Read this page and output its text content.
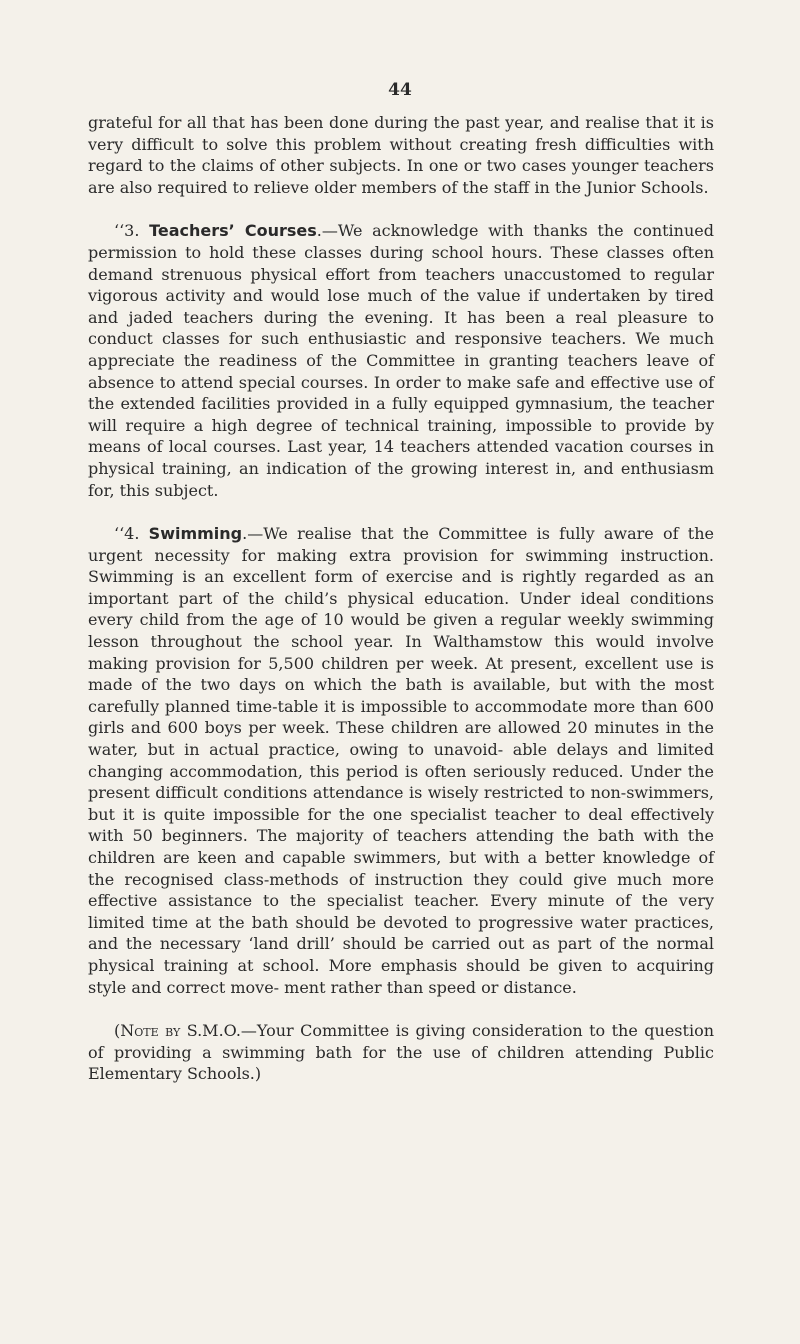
44

grateful for all that has been done during the past year, and realise that it is very difficult to solve this problem without creating fresh difficulties with regard to the claims of other subjects. In one or two cases younger teachers are also required to relieve older members of the staff in the Junior Schools.

‘‘3. Teachers’ Courses.—We acknowledge with thanks the continued permission to hold these classes during school hours. These classes often demand strenuous physical effort from teachers unaccustomed to regular vigorous activity and would lose much of the value if undertaken by tired and jaded teachers during the evening. It has been a real pleasure to conduct classes for such enthusiastic and responsive teachers. We much appreciate the readiness of the Committee in granting teachers leave of absence to attend special courses. In order to make safe and effective use of the extended facilities provided in a fully equipped gymnasium, the teacher will require a high degree of technical training, impossible to provide by means of local courses. Last year, 14 teachers attended vacation courses in physical training, an indication of the growing interest in, and enthusiasm for, this subject.

‘‘4. Swimming.—We realise that the Committee is fully aware of the urgent necessity for making extra provision for swimming instruction. Swimming is an excellent form of exercise and is rightly regarded as an important part of the child’s physical education. Under ideal conditions every child from the age of 10 would be given a regular weekly swimming lesson throughout the school year. In Walthamstow this would involve making provision for 5,500 children per week. At present, excellent use is made of the two days on which the bath is available, but with the most carefully planned time-table it is impossible to accommodate more than 600 girls and 600 boys per week. These children are allowed 20 minutes in the water, but in actual practice, owing to unavoid- able delays and limited changing accommodation, this period is often seriously reduced. Under the present difficult conditions attendance is wisely restricted to non-swimmers, but it is quite impossible for the one specialist teacher to deal effectively with 50 beginners. The majority of teachers attending the bath with the children are keen and capable swimmers, but with a better knowledge of the recognised class-methods of instruction they could give much more effective assistance to the specialist teacher. Every minute of the very limited time at the bath should be devoted to progressive water practices, and the necessary ‘land drill’ should be carried out as part of the normal physical training at school. More emphasis should be given to acquiring style and correct move- ment rather than speed or distance.

(Note by S.M.O.—Your Committee is giving consideration to the question of providing a swimming bath for the use of children attending Public Elementary Schools.)
